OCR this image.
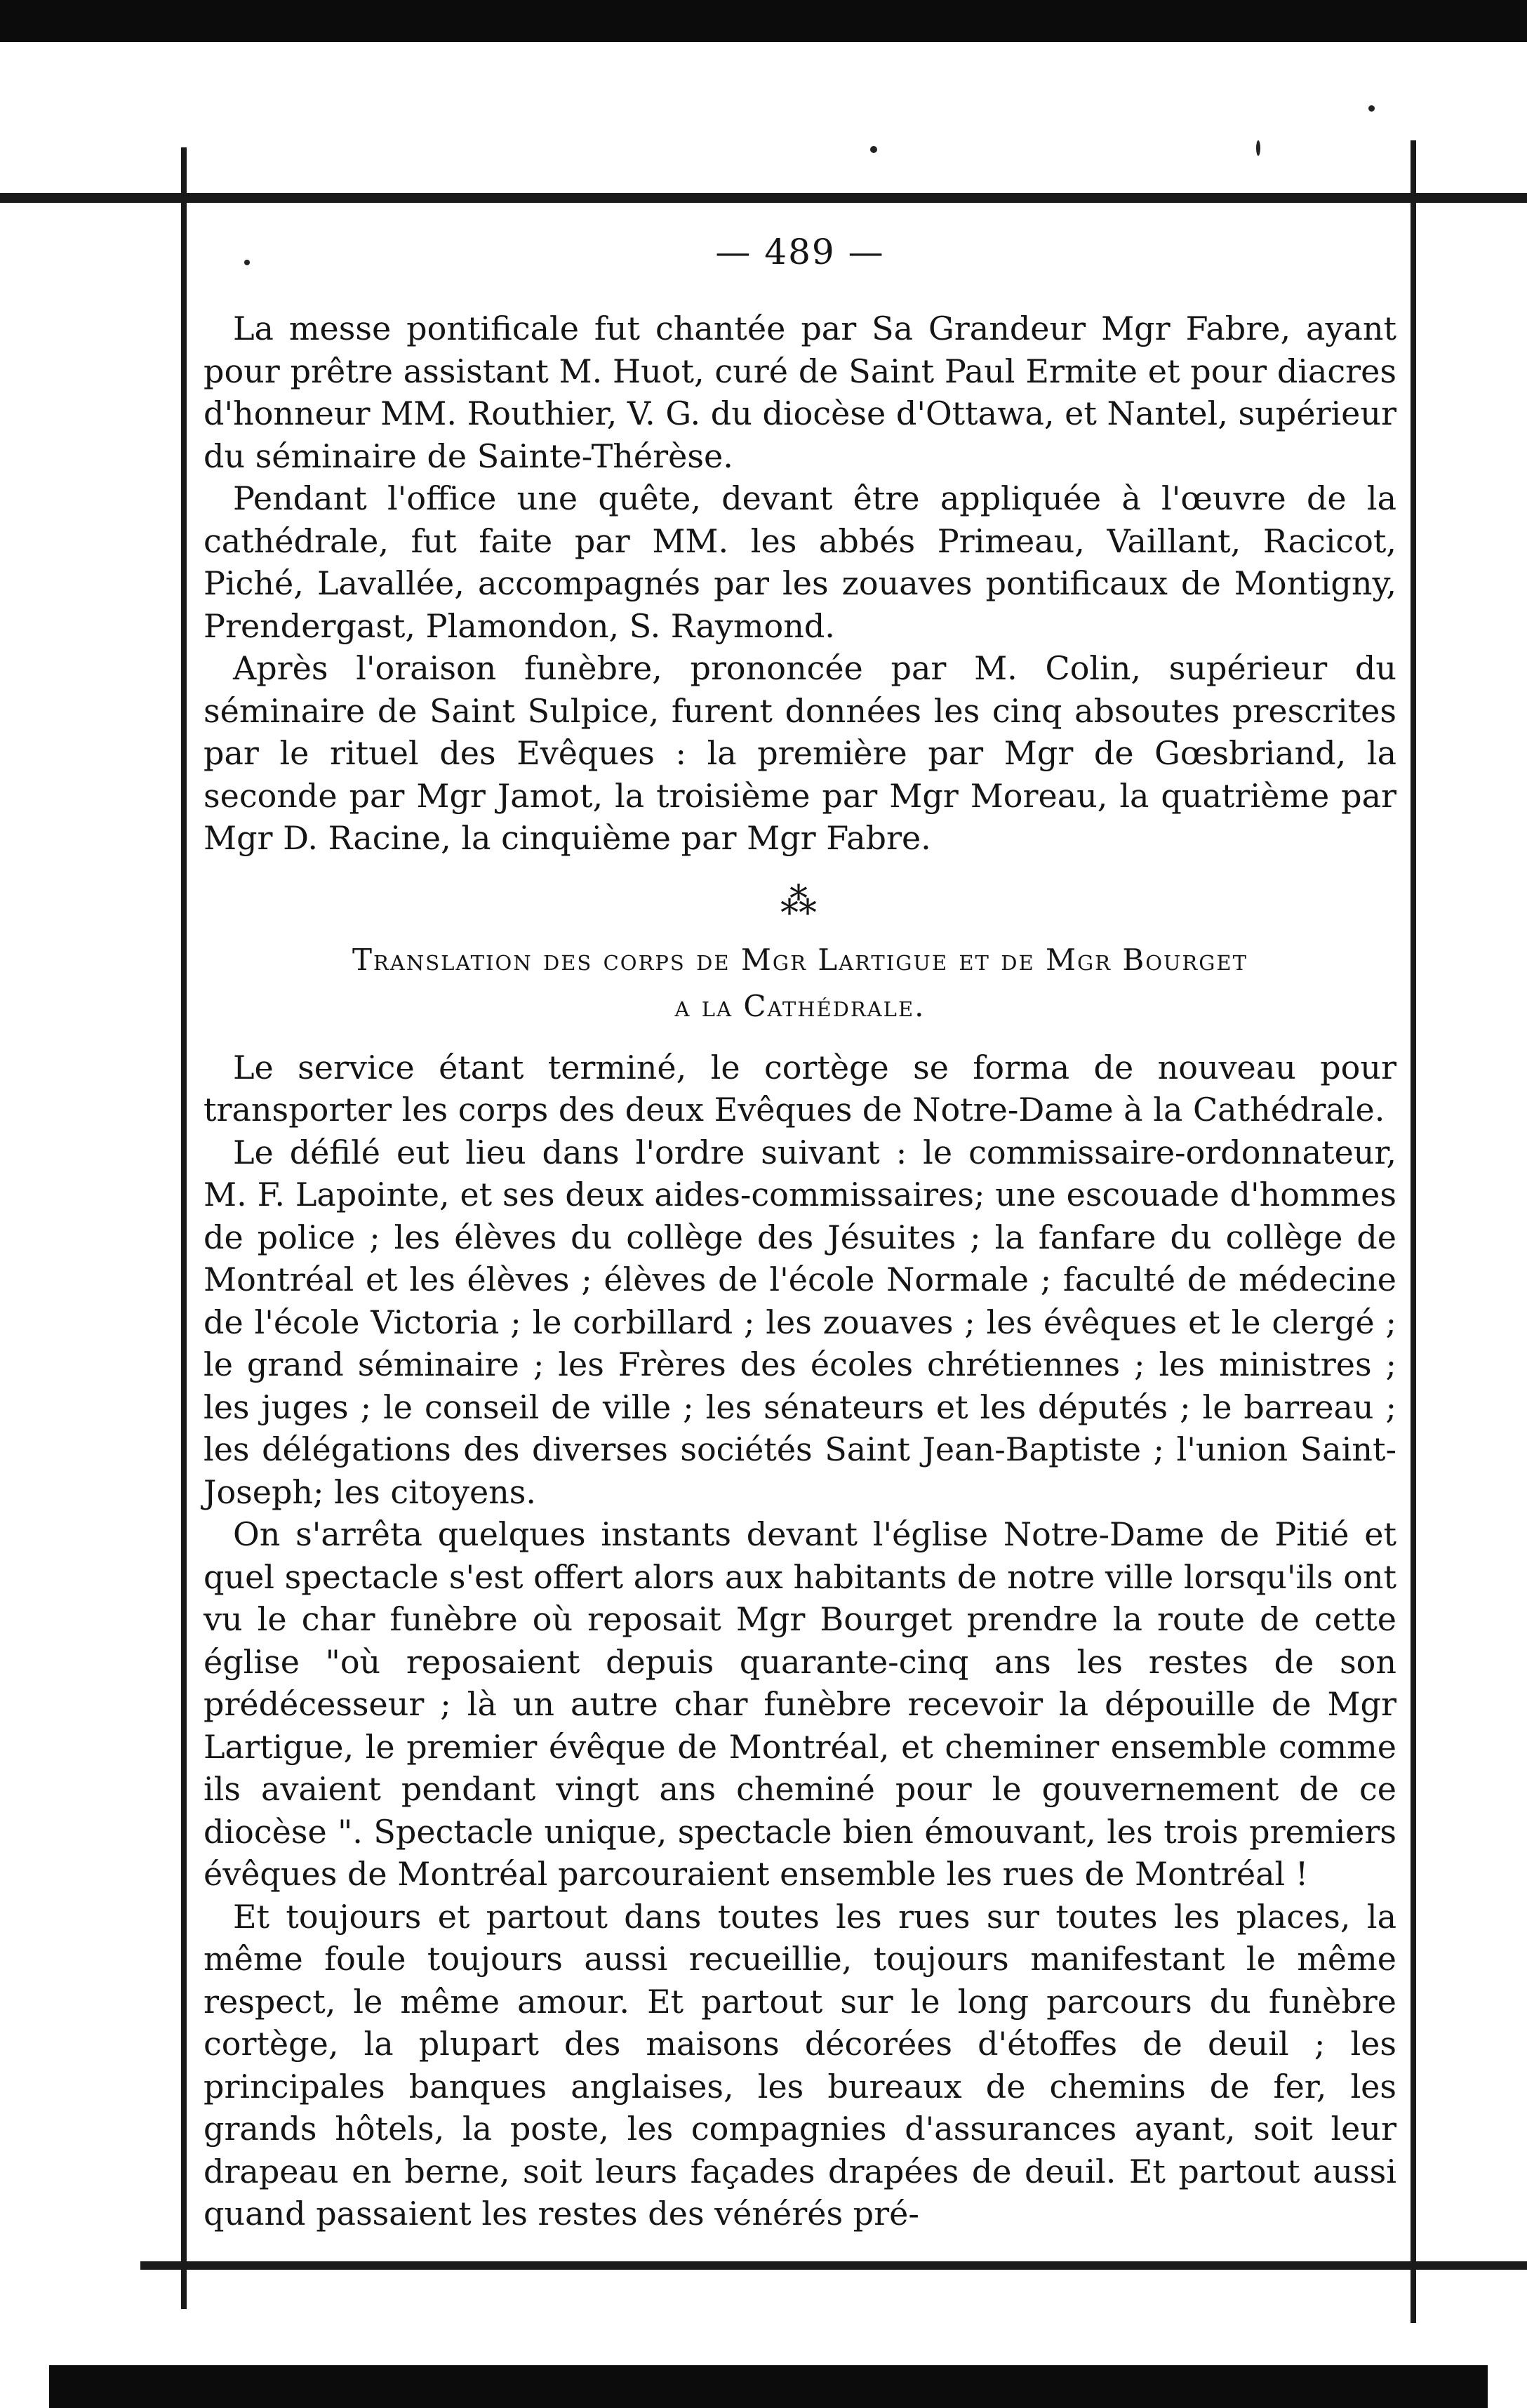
— 489 —

La messe pontificale fut chantée par Sa Grandeur Mgr Fabre, ayant pour prêtre assistant M. Huot, curé de Saint Paul Ermite et pour diacres d'honneur MM. Routhier, V. G. du diocèse d'Ottawa, et Nantel, supérieur du séminaire de Sainte-Thérèse.

Pendant l'office une quête, devant être appliquée à l'œuvre de la cathédrale, fut faite par MM. les abbés Primeau, Vaillant, Racicot, Piché, Lavallée, accompagnés par les zouaves pontificaux de Montigny, Prendergast, Plamondon, S. Raymond.

Après l'oraison funèbre, prononcée par M. Colin, supérieur du séminaire de Saint Sulpice, furent données les cinq absoutes prescrites par le rituel des Evêques : la première par Mgr de Gœsbriand, la seconde par Mgr Jamot, la troisième par Mgr Moreau, la quatrième par Mgr D. Racine, la cinquième par Mgr Fabre.

⁂
Translation des corps de Mgr Lartigue et de Mgr Bourget
a la Cathédrale.

Le service étant terminé, le cortège se forma de nouveau pour transporter les corps des deux Evêques de Notre-Dame à la Cathédrale.

Le défilé eut lieu dans l'ordre suivant : le commissaire-ordonnateur, M. F. Lapointe, et ses deux aides-commissaires; une escouade d'hommes de police ; les élèves du collège des Jésuites ; la fanfare du collège de Montréal et les élèves ; élèves de l'école Normale ; faculté de médecine de l'école Victoria ; le corbillard ; les zouaves ; les évêques et le clergé ; le grand séminaire ; les Frères des écoles chrétiennes ; les ministres ; les juges ; le conseil de ville ; les sénateurs et les députés ; le barreau ; les délégations des diverses sociétés Saint Jean-Baptiste ; l'union Saint-Joseph; les citoyens.

On s'arrêta quelques instants devant l'église Notre-Dame de Pitié et quel spectacle s'est offert alors aux habitants de notre ville lorsqu'ils ont vu le char funèbre où reposait Mgr Bourget prendre la route de cette église "où reposaient depuis quarante-cinq ans les restes de son prédécesseur ; là un autre char funèbre recevoir la dépouille de Mgr Lartigue, le premier évêque de Montréal, et cheminer ensemble comme ils avaient pendant vingt ans cheminé pour le gouvernement de ce diocèse ". Spectacle unique, spectacle bien émouvant, les trois premiers évêques de Montréal parcouraient ensemble les rues de Montréal !

Et toujours et partout dans toutes les rues sur toutes les places, la même foule toujours aussi recueillie, toujours manifestant le même respect, le même amour. Et partout sur le long parcours du funèbre cortège, la plupart des maisons décorées d'étoffes de deuil ; les principales banques anglaises, les bureaux de chemins de fer, les grands hôtels, la poste, les compagnies d'assurances ayant, soit leur drapeau en berne, soit leurs façades drapées de deuil. Et partout aussi quand passaient les restes des vénérés pré-
